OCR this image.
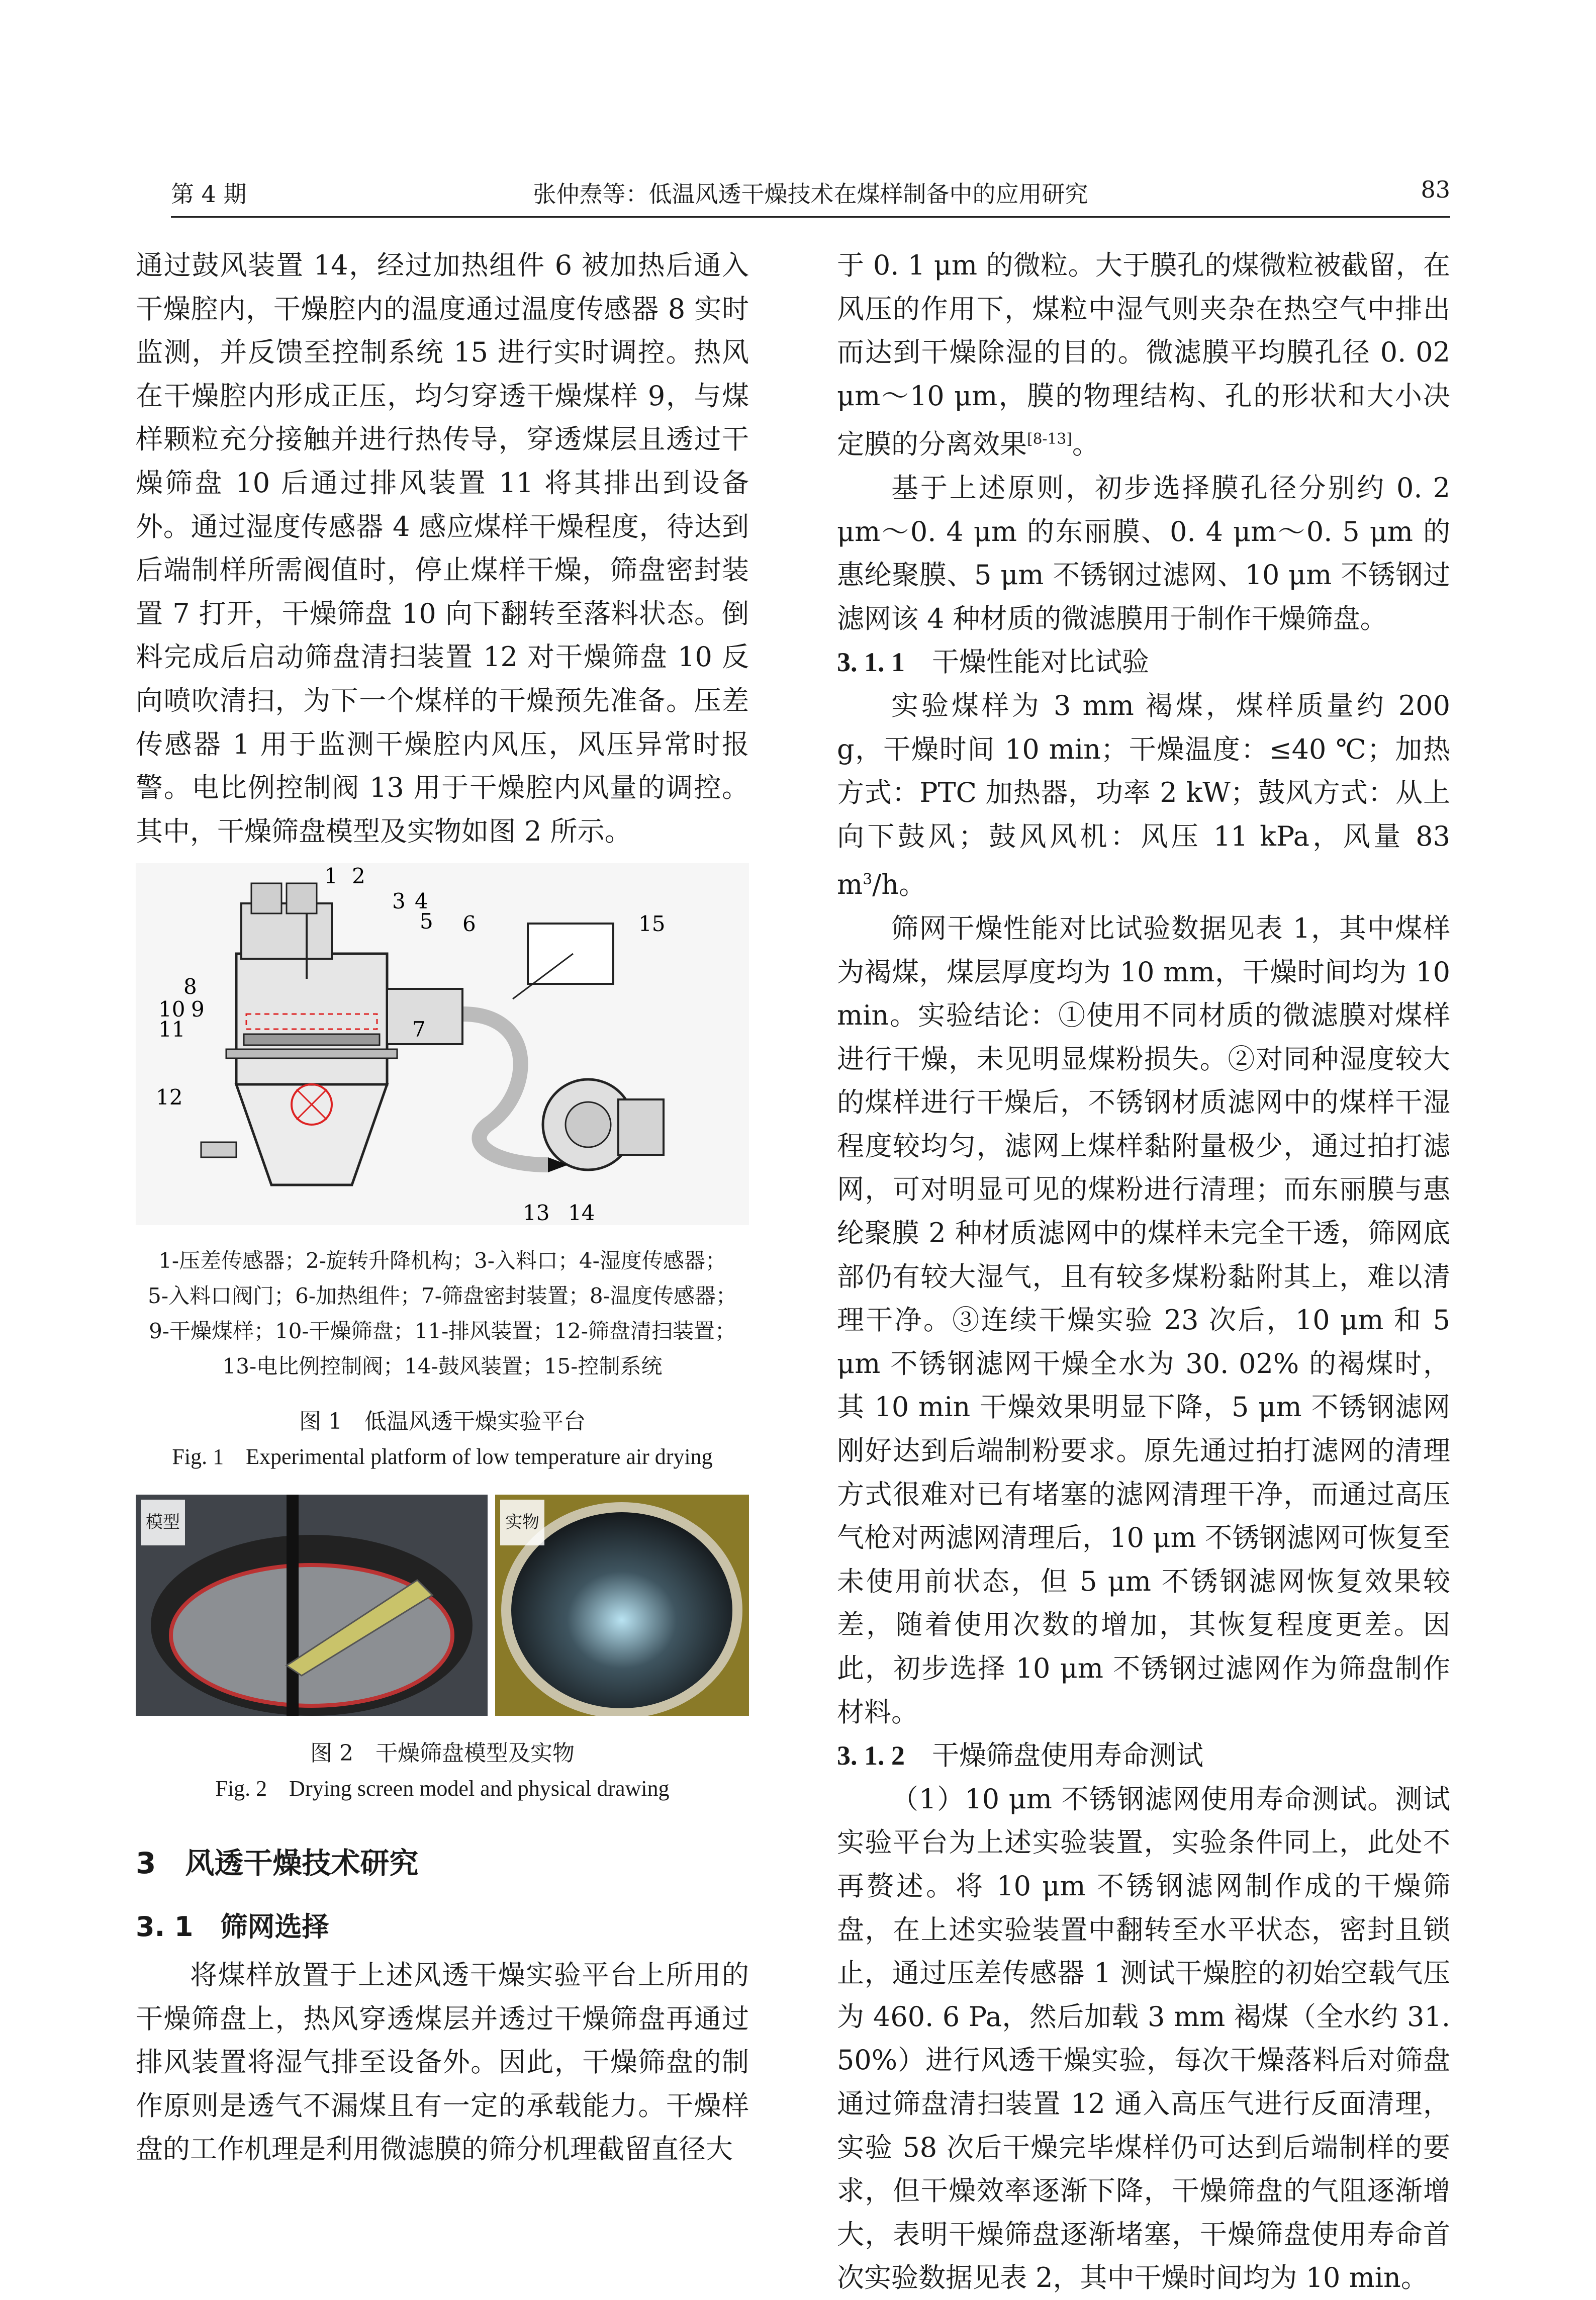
第 4 期	张仲焘等：低温风透干燥技术在煤样制备中的应用研究	83

通过鼓风装置 14，经过加热组件 6 被加热后通入干燥腔内，干燥腔内的温度通过温度传感器 8 实时监测，并反馈至控制系统 15 进行实时调控。热风在干燥腔内形成正压，均匀穿透干燥煤样 9，与煤样颗粒充分接触并进行热传导，穿透煤层且透过干燥筛盘 10 后通过排风装置 11 将其排出到设备外。通过湿度传感器 4 感应煤样干燥程度，待达到后端制样所需阀值时，停止煤样干燥，筛盘密封装置 7 打开，干燥筛盘 10 向下翻转至落料状态。倒料完成后启动筛盘清扫装置 12 对干燥筛盘 10 反向喷吹清扫，为下一个煤样的干燥预先准备。压差传感器 1 用于监测干燥腔内风压，风压异常时报警。电比例控制阀 13 用于干燥腔内风量的调控。其中，干燥筛盘模型及实物如图 2 所示。

1 2
3 4
5 6	15
8
10 9
11	7
12
13 14
1-压差传感器；2-旋转升降机构；3-入料口；4-湿度传感器；
5-入料口阀门；6-加热组件；7-筛盘密封装置；8-温度传感器；
9-干燥煤样；10-干燥筛盘；11-排风装置；12-筛盘清扫装置；
13-电比例控制阀；14-鼓风装置；15-控制系统
图 1　低温风透干燥实验平台
Fig. 1　Experimental platform of low temperature air drying
模型	实物
图 2　干燥筛盘模型及实物
Fig. 2　Drying screen model and physical drawing

3　风透干燥技术研究

3. 1　筛网选择

将煤样放置于上述风透干燥实验平台上所用的干燥筛盘上，热风穿透煤层并透过干燥筛盘再通过排风装置将湿气排至设备外。因此，干燥筛盘的制作原则是透气不漏煤且有一定的承载能力。干燥样盘的工作机理是利用微滤膜的筛分机理截留直径大

于 0. 1 μm 的微粒。大于膜孔的煤微粒被截留，在风压的作用下，煤粒中湿气则夹杂在热空气中排出而达到干燥除湿的目的。微滤膜平均膜孔径 0. 02 μm～10 μm，膜的物理结构、孔的形状和大小决定膜的分离效果[8-13]。

基于上述原则，初步选择膜孔径分别约 0. 2 μm～0. 4 μm 的东丽膜、0. 4 μm～0. 5 μm 的惠纶聚膜、5 μm 不锈钢过滤网、10 μm 不锈钢过滤网该 4 种材质的微滤膜用于制作干燥筛盘。

3. 1. 1　 干燥性能对比试验

实验煤样为 3 mm 褐煤，煤样质量约 200 g，干燥时间 10 min；干燥温度：≤40 ℃；加热方式：PTC 加热器，功率 2 kW；鼓风方式：从上向下鼓风；鼓风风机：风压 11 kPa，风量 83 $m^3/h$。

筛网干燥性能对比试验数据见表 1，其中煤样为褐煤，煤层厚度均为 10 mm，干燥时间均为 10 min。实验结论：①使用不同材质的微滤膜对煤样进行干燥，未见明显煤粉损失。②对同种湿度较大的煤样进行干燥后，不锈钢材质滤网中的煤样干湿程度较均匀，滤网上煤样黏附量极少，通过拍打滤网，可对明显可见的煤粉进行清理；而东丽膜与惠纶聚膜 2 种材质滤网中的煤样未完全干透，筛网底部仍有较大湿气，且有较多煤粉黏附其上，难以清理干净。③连续干燥实验 23 次后，10 μm 和 5 μm 不锈钢滤网干燥全水为 30. 02% 的褐煤时，其 10 min 干燥效果明显下降，5 μm 不锈钢滤网刚好达到后端制粉要求。原先通过拍打滤网的清理方式很难对已有堵塞的滤网清理干净，而通过高压气枪对两滤网清理后，10 μm 不锈钢滤网可恢复至未使用前状态，但 5 μm 不锈钢滤网恢复效果较差，随着使用次数的增加，其恢复程度更差。因此，初步选择 10 μm 不锈钢过滤网作为筛盘制作材料。

3. 1. 2　 干燥筛盘使用寿命测试

（1）10 μm 不锈钢滤网使用寿命测试。测试实验平台为上述实验装置，实验条件同上，此处不再赘述。将 10 μm 不锈钢滤网制作成的干燥筛盘，在上述实验装置中翻转至水平状态，密封且锁止，通过压差传感器 1 测试干燥腔的初始空载气压为 460. 6 Pa，然后加载 3 mm 褐煤（全水约 31. 50%）进行风透干燥实验，每次干燥落料后对筛盘通过筛盘清扫装置 12 通入高压气进行反面清理，实验 58 次后干燥完毕煤样仍可达到后端制样的要求，但干燥效率逐渐下降，干燥筛盘的气阻逐渐增大，表明干燥筛盘逐渐堵塞，干燥筛盘使用寿命首次实验数据见表 2，其中干燥时间均为 10 min。
